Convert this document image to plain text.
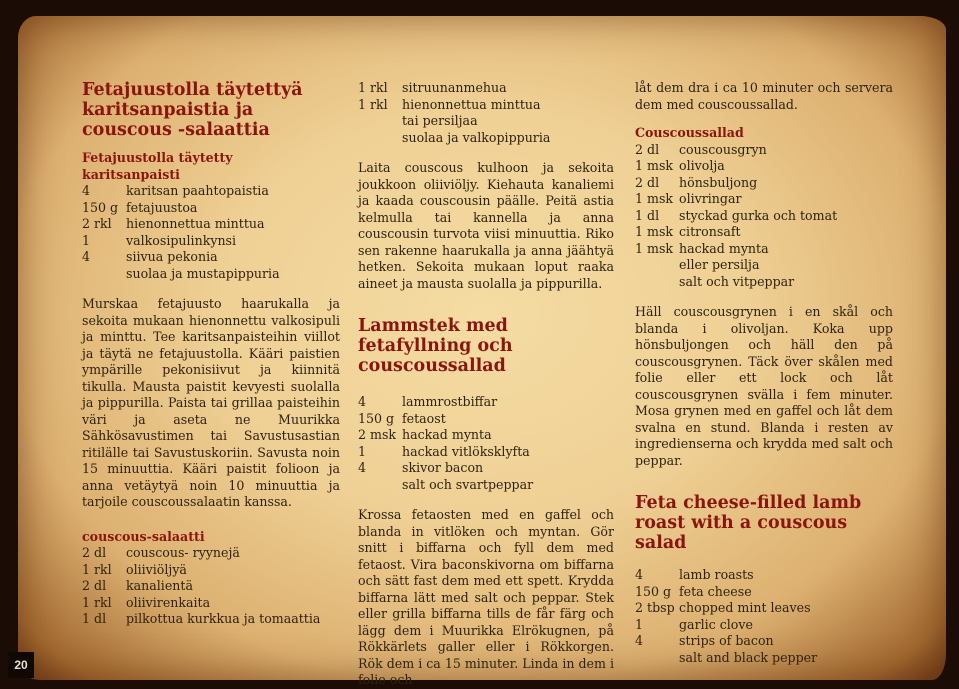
Fetajuustolla täytettyä karitsanpaistia ja couscous -salaattia
Fetajuustolla täytetty karitsanpaisti
4	karitsan paahtopaistia
150 g fetajuustoa
2 rkl	hienonnettua minttua
1	valkosipulinkynsi
4	siivua pekonia
suolaa ja mustapippuria
Murskaa fetajuusto haarukalla ja sekoita mukaan hienonnettu valkosipuli ja minttu. Tee karitsanpaisteihin viillot ja täytä ne fetajuustolla. Kääri paistien ympärille pekonisiivut ja kiinnitä tikulla. Mausta paistit kevyesti suolalla ja pippurilla. Paista tai grillaa paisteihin väri ja aseta ne Muurikka Sähkösavustimen tai Savustusastian ritilälle tai Savustuskoriin. Savusta noin 15 minuuttia. Kääri paistit folioon ja anna vetäytyä noin 10 minuuttia ja tarjoile couscoussalaatin kanssa.
couscous-salaatti
2 dl	couscous- ryynejä
1 rkl	oliiviöljyä
2 dl	kanalientä
1 rkl	oliivirenkaita
1 dl	pilkottua kurkkua ja tomaattia
1 rkl	sitruunanmehua
1 rkl	hienonnettua minttua
tai persiljaa
suolaa ja valkopippuria
Laita couscous kulhoon ja sekoita joukkoon oliiviöljy. Kiehauta kanaliemi ja kaada couscousin päälle. Peitä astia kelmulla tai kannella ja anna couscousin turvota viisi minuuttia. Riko sen rakenne haarukalla ja anna jäähtyä hetken. Sekoita mukaan loput raaka aineet ja mausta suolalla ja pippurilla.
Lammstek med fetafyllning och couscoussallad
4	lammrostbiffar
150 g fetaost
2 msk hackad mynta
1	hackad vitlöksklyfta
4	skivor bacon
salt och svartpeppar
Krossa fetaosten med en gaffel och blanda in vitlöken och myntan. Gör snitt i biffarna och fyll dem med fetaost. Vira baconskivorna om biffarna och sätt fast dem med ett spett. Krydda biffarna lätt med salt och peppar. Stek eller grilla biffarna tills de får färg och lägg dem i Muurikka Elrökugnen, på Rökkärlets galler eller i Rökkorgen. Rök dem i ca 15 minuter. Linda in dem i folie och
låt dem dra i ca 10 minuter och servera dem med couscoussallad.
Couscoussallad
2 dl	couscousgryn
1 msk olivolja
2 dl	hönsbuljong
1 msk olivringar
1 dl	styckad gurka och tomat
1 msk citronsaft
1 msk hackad mynta
eller persilja
salt och vitpeppar
Häll couscousgrynen i en skål och blanda i olivoljan. Koka upp hönsbuljongen och häll den på couscousgrynen. Täck över skålen med folie eller ett lock och låt couscousgrynen svälla i fem minuter. Mosa grynen med en gaffel och låt dem svalna en stund. Blanda i resten av ingredienserna och krydda med salt och peppar.
Feta cheese-filled lamb roast with a couscous salad
4	lamb roasts
150 g feta cheese
2 tbsp chopped mint leaves
1	garlic clove
4	strips of bacon
salt and black pepper
20
